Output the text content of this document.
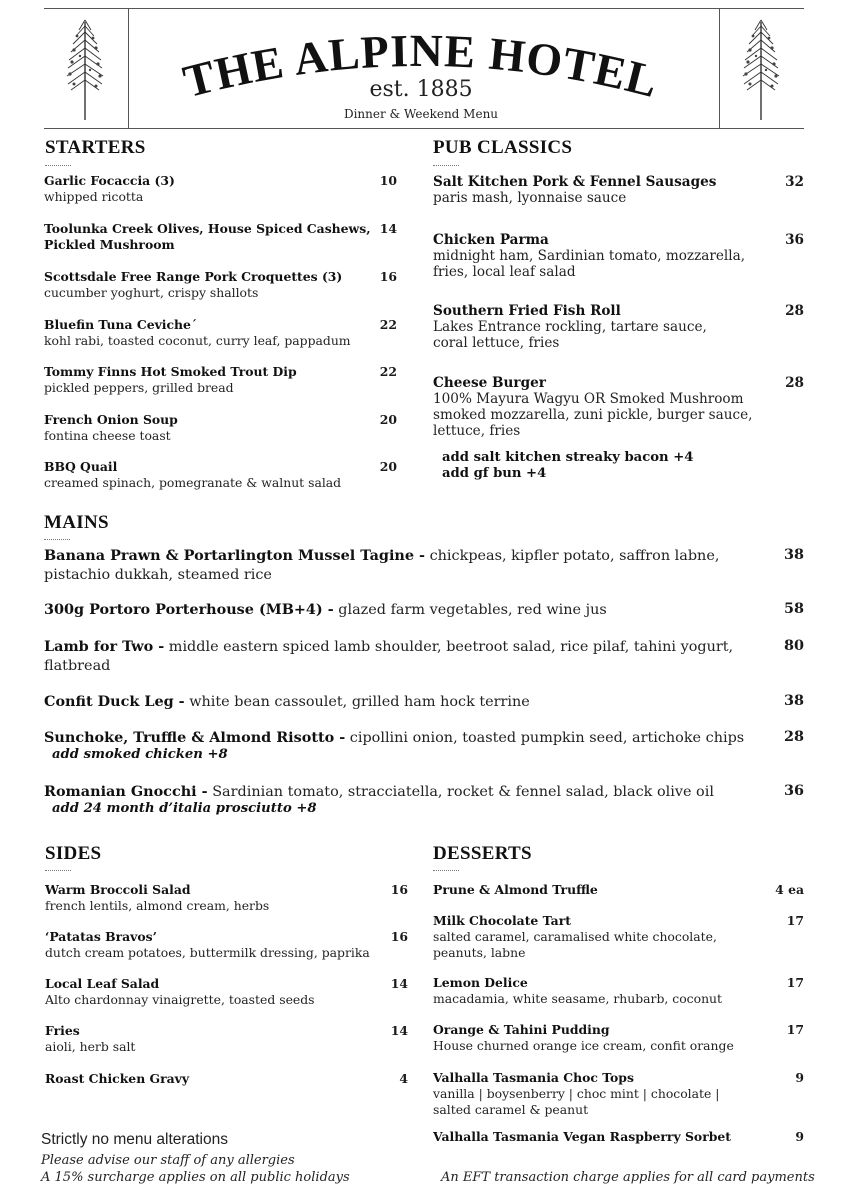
THE ALPINE HOTEL
est. 1885
Dinner & Weekend Menu
STARTERS
Garlic Focaccia (3)
whipped ricotta
10
Toolunka Creek Olives, House Spiced Cashews, Pickled Mushroom
14
Scottsdale Free Range Pork Croquettes (3)
cucumber yoghurt, crispy shallots
16
Bluefin Tuna Ceviche´
kohl rabi, toasted coconut, curry leaf, pappadum
22
Tommy Finns Hot Smoked Trout Dip
pickled peppers, grilled bread
22
French Onion Soup
fontina cheese toast
20
BBQ Quail
creamed spinach, pomegranate & walnut salad
20
PUB CLASSICS
Salt Kitchen Pork & Fennel Sausages
paris mash, lyonnaise sauce
32
Chicken Parma
midnight ham, Sardinian tomato, mozzarella, fries, local leaf salad
36
Southern Fried Fish Roll
Lakes Entrance rockling, tartare sauce, coral lettuce, fries
28
Cheese Burger
100% Mayura Wagyu OR Smoked Mushroom smoked mozzarella, zuni pickle, burger sauce, lettuce, fries
28
add salt kitchen streaky bacon +4
add gf bun +4
MAINS
Banana Prawn & Portarlington Mussel Tagine - chickpeas, kipfler potato, saffron labne, pistachio dukkah, steamed rice
38
300g Portoro Porterhouse (MB+4) - glazed farm vegetables, red wine jus	58
Lamb for Two - middle eastern spiced lamb shoulder, beetroot salad, rice pilaf, tahini yogurt, flatbread
80
Confit Duck Leg - white bean cassoulet, grilled ham hock terrine	38
Sunchoke, Truffle & Almond Risotto - cipollini onion, toasted pumpkin seed, artichoke chips	28
add smoked chicken +8
Romanian Gnocchi - Sardinian tomato, stracciatella, rocket & fennel salad, black olive oil	36
add 24 month d’italia prosciutto +8
SIDES
Warm Broccoli Salad
french lentils, almond cream, herbs
16
‘Patatas Bravos’
dutch cream potatoes, buttermilk dressing, paprika
16
Local Leaf Salad
Alto chardonnay vinaigrette, toasted seeds
14
Fries
aioli, herb salt
14
Roast Chicken Gravy	4
DESSERTS
Prune & Almond Truffle	4 ea
Milk Chocolate Tart
salted caramel, caramalised white chocolate, peanuts, labne
17
Lemon Delice
macadamia, white seasame, rhubarb, coconut
17
Orange & Tahini Pudding
House churned orange ice cream, confit orange
17
Valhalla Tasmania Choc Tops
vanilla | boysenberry | choc mint | chocolate | salted caramel & peanut
9
Valhalla Tasmania Vegan Raspberry Sorbet	9
Strictly no menu alterations
Please advise our staff of any allergies
A 15% surcharge applies on all public holidays	An EFT transaction charge applies for all card payments
